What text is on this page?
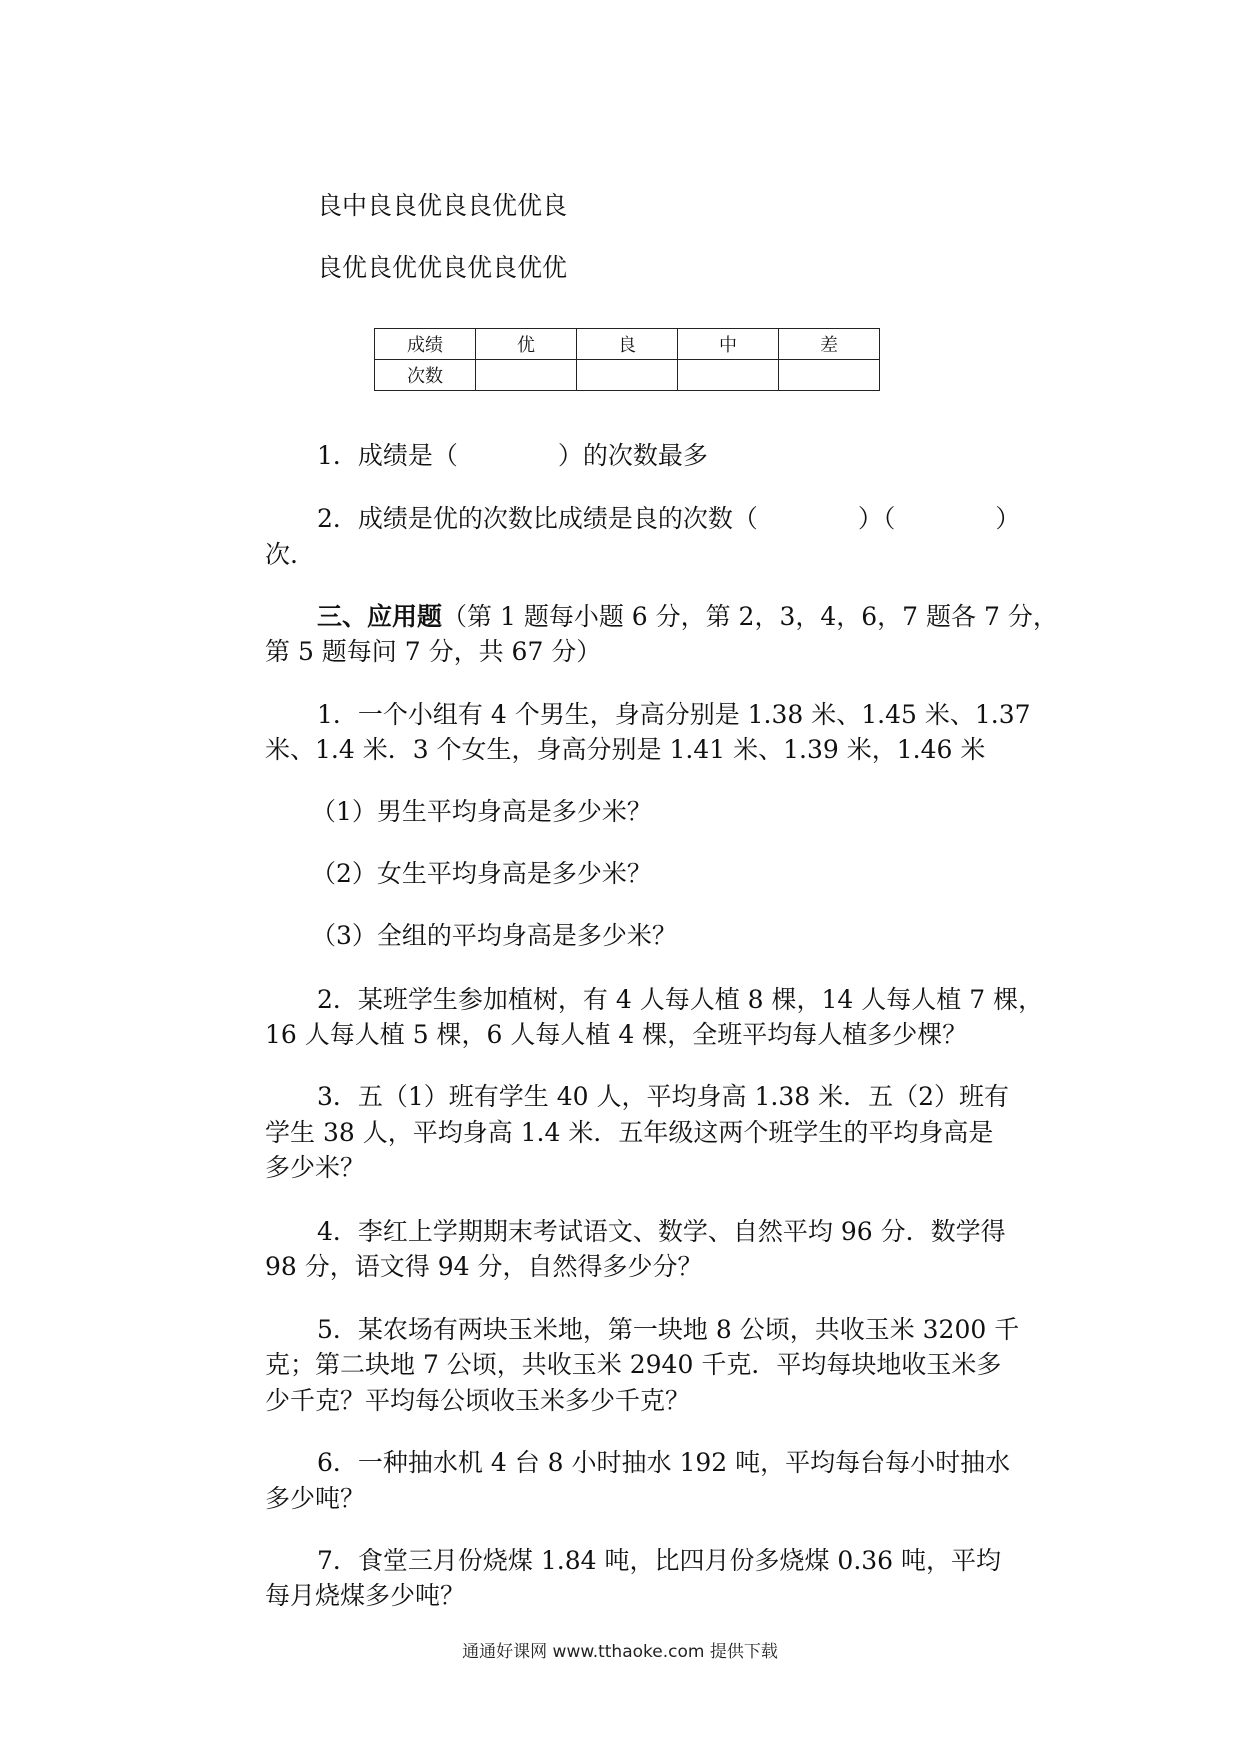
良中良良优良良优优良
良优良优优良优良优优
成绩	优	良	中	差
次数				
1．成绩是（　　　　）的次数最多
2．成绩是优的次数比成绩是良的次数（　　　　）（　　　　）
次.
三、应用题（第 1 题每小题 6 分，第 2，3，4，6，7 题各 7 分，
第 5 题每问 7 分，共 67 分）
1．一个小组有 4 个男生，身高分别是 1.38 米、1.45 米、1.37
米、1.4 米．3 个女生，身高分别是 1.41 米、1.39 米，1.46 米
（1）男生平均身高是多少米？
（2）女生平均身高是多少米？
（3）全组的平均身高是多少米？
2．某班学生参加植树，有 4 人每人植 8 棵，14 人每人植 7 棵，
16 人每人植 5 棵，6 人每人植 4 棵，全班平均每人植多少棵？
3．五（1）班有学生 40 人，平均身高 1.38 米．五（2）班有
学生 38 人，平均身高 1.4 米．五年级这两个班学生的平均身高是
多少米？
4．李红上学期期末考试语文、数学、自然平均 96 分．数学得
98 分，语文得 94 分，自然得多少分？
5．某农场有两块玉米地，第一块地 8 公顷，共收玉米 3200 千
克；第二块地 7 公顷，共收玉米 2940 千克．平均每块地收玉米多
少千克？平均每公顷收玉米多少千克？
6．一种抽水机 4 台 8 小时抽水 192 吨，平均每台每小时抽水
多少吨？
7．食堂三月份烧煤 1.84 吨，比四月份多烧煤 0.36 吨，平均
每月烧煤多少吨？
通通好课网 www.tthaoke.com 提供下载
